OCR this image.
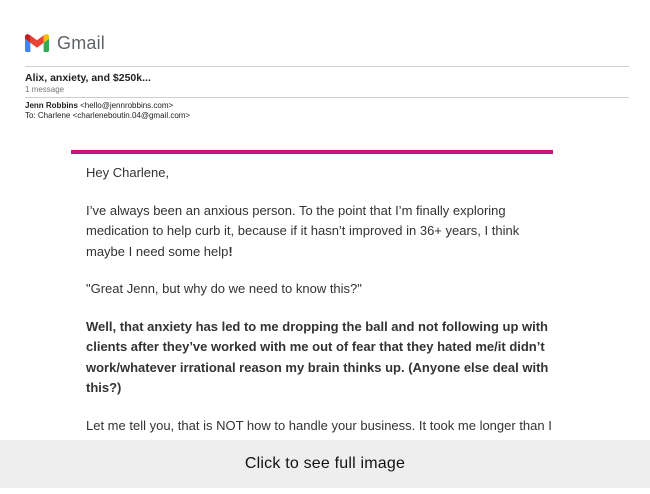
Gmail
Alix, anxiety, and $250k...
1 message
Jenn Robbins <hello@jennrobbins.com>
To: Charlene <charleneboutin.04@gmail.com>

Hey Charlene,

I’ve always been an anxious person. To the point that I’m finally exploring medication to help curb it, because if it hasn’t improved in 36+ years, I think maybe I need some help!

"Great Jenn, but why do we need to know this?"

Well, that anxiety has led to me dropping the ball and not following up with clients after they’ve worked with me out of fear that they hated me/it didn’t work/whatever irrational reason my brain thinks up. (Anyone else deal with this?)

Let me tell you, that is NOT how to handle your business. It took me longer than I

Click to see full image
